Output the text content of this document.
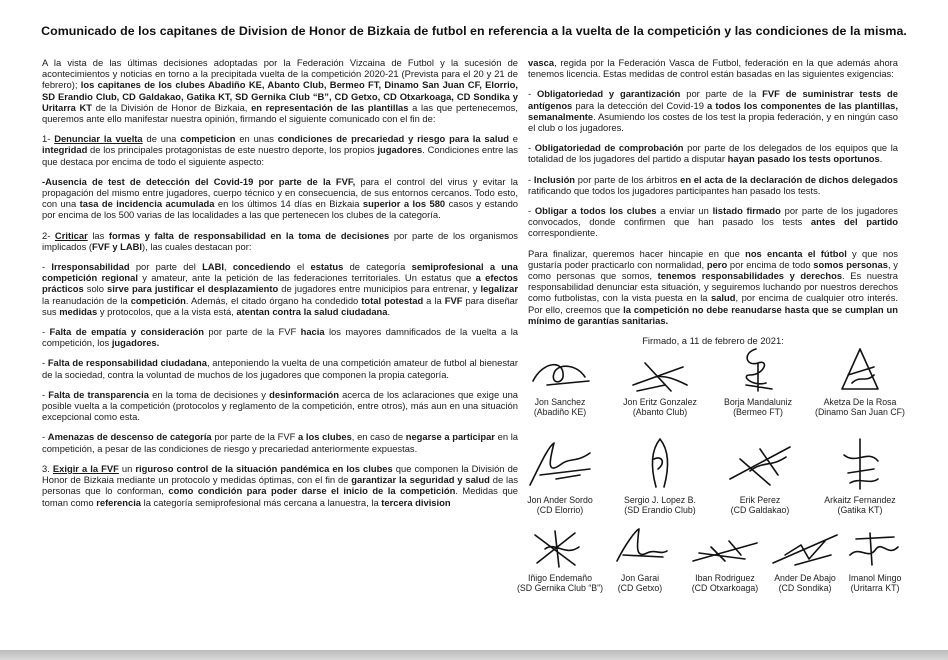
Comunicado de los capitanes de Division de Honor de Bizkaia de futbol en referencia a la vuelta de la competición y las condiciones de la misma.

A la vista de las últimas decisiones adoptadas por la Federación Vizcaina de Futbol y la sucesión de acontecimientos y noticias en torno a la precipitada vuelta de la competición 2020-21 (Prevista para el 20 y 21 de febrero); los capitanes de los clubes Abadiño KE, Abanto Club, Bermeo FT, Dinamo San Juan CF, Elorrio, SD Erandio Club, CD Galdakao, Gatika KT, SD Gernika Club “B”, CD Getxo, CD Otxarkoaga, CD Sondika y Uritarra KT de la División de Honor de Bizkaia, en representación de las plantillas a las que pertenecemos, queremos ante ello manifestar nuestra opinión, firmando el siguiente comunicado con el fin de:

1- Denunciar la vuelta de una competicion en unas condiciones de precariedad y riesgo para la salud e integridad de los principales protagonistas de este nuestro deporte, los propios jugadores. Condiciones entre las que destaca por encima de todo el siguiente aspecto:

-Ausencia de test de detección del Covid-19 por parte de la FVF, para el control del virus y evitar la propagación del mismo entre jugadores, cuerpo técnico y en consecuencia, de sus entornos cercanos. Todo esto, con una tasa de incidencia acumulada en los últimos 14 días en Bizkaia superior a los 580 casos y estando por encima de los 500 varias de las localidades a las que pertenecen los clubes de la categoría.

2- Criticar las formas y falta de responsabilidad en la toma de decisiones por parte de los organismos implicados (FVF y LABI), las cuales destacan por:

- Irresponsabilidad por parte del LABI, concediendo el estatus de categoría semiprofesional a una competición regional y amateur, ante la petición de las federaciones territoriales. Un estatus que a efectos prácticos solo sirve para justificar el desplazamiento de jugadores entre municipios para entrenar, y legalizar la reanudación de la competición. Además, el citado órgano ha condedido total potestad a la FVF para diseñar sus medidas y protocolos, que a la vista está, atentan contra la salud ciudadana.

- Falta de empatía y consideración por parte de la FVF hacia los mayores damnificados de la vuelta a la competición, los jugadores.

- Falta de responsabilidad ciudadana, anteponiendo la vuelta de una competición amateur de futbol al bienestar de la sociedad, contra la voluntad de muchos de los jugadores que componen la propia categoría.

- Falta de transparencia en la toma de decisiones y desinformación acerca de los aclaraciones que exige una posible vuelta a la competición (protocolos y reglamento de la competición, entre otros), más aun en una situación excepcional como esta.

- Amenazas de descenso de categoría por parte de la FVF a los clubes, en caso de negarse a participar en la competición, a pesar de las condiciones de riesgo y precariedad anteriormente expuestas.

3. Exigir a la FVF un riguroso control de la situación pandémica en los clubes que componen la División de Honor de Bizkaia mediante un protocolo y medidas óptimas, con el fin de garantizar la seguridad y salud de las personas que lo conforman, como condición para poder darse el inicio de la competición. Medidas que toman como referencia la categoría semiprofesional más cercana a lanuestra, la tercera division

vasca, regida por la Federación Vasca de Futbol, federación en la que además ahora tenemos licencia. Estas medidas de control están basadas en las siguientes exigencias:

- Obligatoriedad y garantización por parte de la FVF de suministrar tests de antígenos para la detección del Covid-19 a todos los componentes de las plantillas, semanalmente. Asumiendo los costes de los test la propia federación, y en ningún caso el club o los jugadores.

- Obligatoriedad de comprobación por parte de los delegados de los equipos que la totalidad de los jugadores del partido a disputar hayan pasado los tests oportunos.

- Inclusión por parte de los árbitros en el acta de la declaración de dichos delegados ratificando que todos los jugadores participantes han pasado los tests.

- Obligar a todos los clubes a enviar un listado firmado por parte de los jugadores convocados, donde confirmen que han pasado los tests antes del partido correspondiente.

Para finalizar, queremos hacer hincapie en que nos encanta el fútbol y que nos gustaría poder practicarlo con normalidad, pero por encima de todo somos personas, y como personas que somos, tenemos responsabilidades y derechos. Es nuestra responsabilidad denunciar esta situación, y seguiremos luchando por nuestros derechos como futbolistas, con la vista puesta en la salud, por encima de cualquier otro interés. Por ello, creemos que la competición no debe reanudarse hasta que se cumplan un mínimo de garantías sanitarias.

Firmado, a 11 de febrero de 2021:
Jon Sanchez
(Abadiño KE)
Jon Eritz Gonzalez
(Abanto Club)
Borja Mandaluniz
(Bermeo FT)
Aketza De la Rosa
(Dinamo San Juan CF)
Jon Ander Sordo
(CD Elorrio)
Sergio J. Lopez B.
(SD Erandio Club)
Erik Perez
(CD Galdakao)
Arkaitz Fernandez
(Gatika KT)
Iñigo Endemaño
(SD Gernika Club “B”)
Jon Garai
(CD Getxo)
Iban Rodriguez
(CD Otxarkoaga)
Ander De Abajo
(CD Sondika)
Imanol Mingo
(Uritarra KT)
